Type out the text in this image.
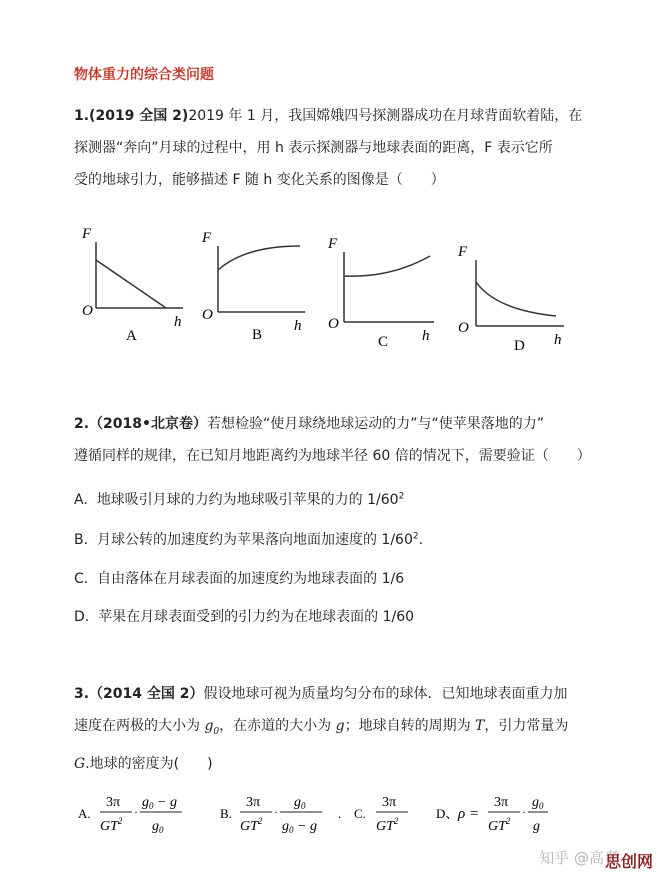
物体重力的综合类问题
1.(2019 全国 2)2019 年 1 月，我国嫦娥四号探测器成功在月球背面软着陆，在
探测器“奔向”月球的过程中，用 h 表示探测器与地球表面的距离，F 表示它所
受的地球引力，能够描述 F 随 h 变化关系的图像是（　　）
F
O
h
A
F
O
h
B
F
O
h
C
F
O
h
D
2.（2018•北京卷）若想检验“使月球绕地球运动的力”与“使苹果落地的力”
遵循同样的规律，在已知月地距离约为地球半径 60 倍的情况下，需要验证（　　）
A. 地球吸引月球的力约为地球吸引苹果的力的 $1/60^2$
B. 月球公转的加速度约为苹果落向地面加速度的 $1/60^2$.
C. 自由落体在月球表面的加速度约为地球表面的 1/6
D. 苹果在月球表面受到的引力约为在地球表面的 1/60
3.（2014 全国 2）假设地球可视为质量均匀分布的球体．已知地球表面重力加
速度在两极的大小为 $g_0$，在赤道的大小为 g；地球自转的周期为 T，引力常量为
G.地球的密度为(　　)
A.
3π
$GT^2$
·
$g_0 - g$
$g_0$
B.
3π
$GT^2$
·
$g_0$
$g_0 - g$
. C.
3π
$GT^2$	D、 ρ =
3π
$GT^2$
·
$g_0$
g
知乎 @高考
思创网
